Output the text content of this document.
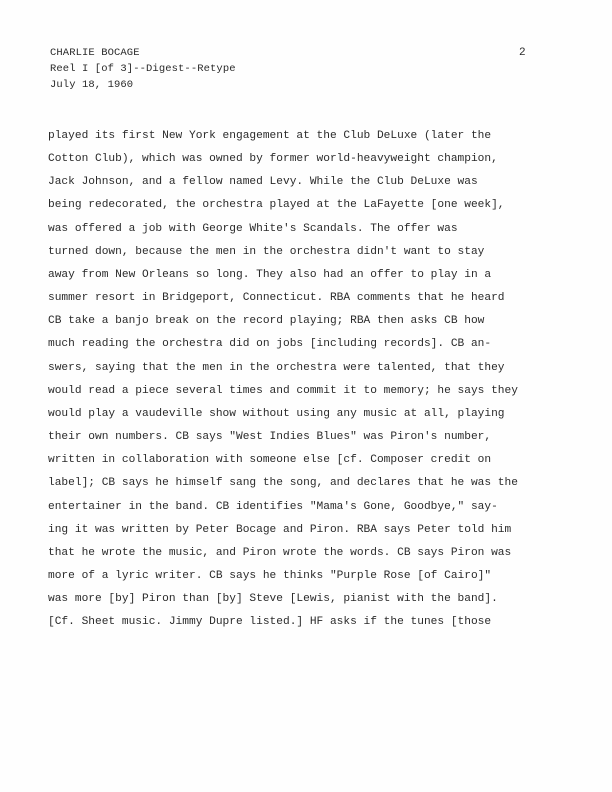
CHARLIE BOCAGE
Reel I [of 3]--Digest--Retype
July 18, 1960
2
played its first New York engagement at the Club DeLuxe (later the
Cotton Club), which was owned by former world-heavyweight champion,
Jack Johnson, and a fellow named Levy. While the Club DeLuxe was
being redecorated, the orchestra played at the LaFayette [one week],
was offered a job with George White's Scandals. The offer was
turned down, because the men in the orchestra didn't want to stay
away from New Orleans so long. They also had an offer to play in a
summer resort in Bridgeport, Connecticut. RBA comments that he heard
CB take a banjo break on the record playing; RBA then asks CB how
much reading the orchestra did on jobs [including records]. CB an-
swers, saying that the men in the orchestra were talented, that they
would read a piece several times and commit it to memory; he says they
would play a vaudeville show without using any music at all, playing
their own numbers. CB says "West Indies Blues" was Piron's number,
written in collaboration with someone else [cf. Composer credit on
label]; CB says he himself sang the song, and declares that he was the
entertainer in the band. CB identifies "Mama's Gone, Goodbye," say-
ing it was written by Peter Bocage and Piron. RBA says Peter told him
that he wrote the music, and Piron wrote the words. CB says Piron was
more of a lyric writer. CB says he thinks "Purple Rose [of Cairo]"
was more [by] Piron than [by] Steve [Lewis, pianist with the band].
[Cf. Sheet music. Jimmy Dupre listed.] HF asks if the tunes [those
